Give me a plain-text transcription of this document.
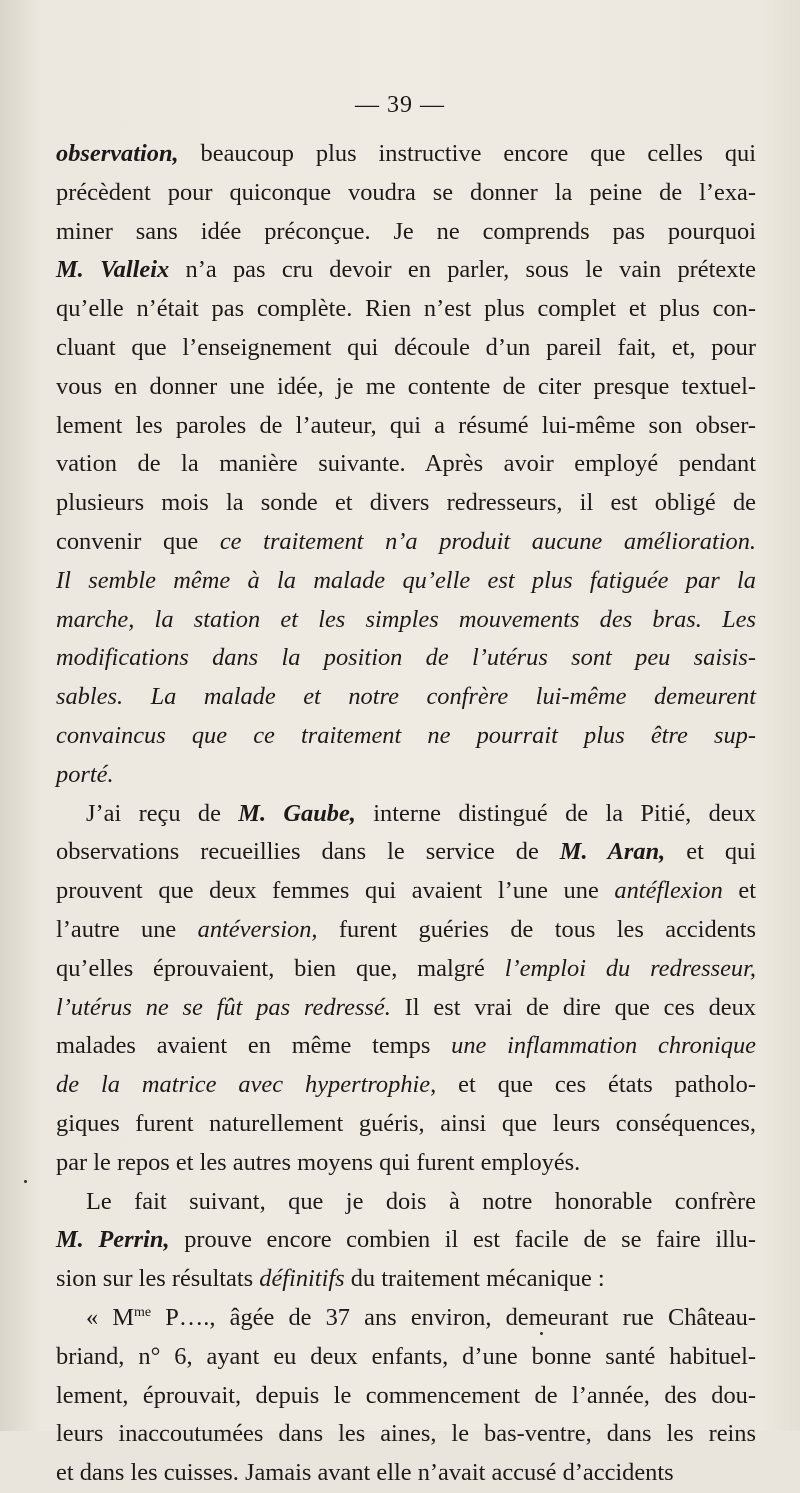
— 39 —
observation, beaucoup plus instructive encore que celles qui
précèdent pour quiconque voudra se donner la peine de l’exa-
miner sans idée préconçue. Je ne comprends pas pourquoi
M. Valleix n’a pas cru devoir en parler, sous le vain prétexte
qu’elle n’était pas complète. Rien n’est plus complet et plus con-
cluant que l’enseignement qui découle d’un pareil fait, et, pour
vous en donner une idée, je me contente de citer presque textuel-
lement les paroles de l’auteur, qui a résumé lui-même son obser-
vation de la manière suivante. Après avoir employé pendant
plusieurs mois la sonde et divers redresseurs, il est obligé de
convenir que ce traitement n’a produit aucune amélioration.
Il semble même à la malade qu’elle est plus fatiguée par la
marche, la station et les simples mouvements des bras. Les
modifications dans la position de l’utérus sont peu saisis-
sables. La malade et notre confrère lui-même demeurent
convaincus que ce traitement ne pourrait plus être sup-
porté.
J’ai reçu de M. Gaube, interne distingué de la Pitié, deux
observations recueillies dans le service de M. Aran, et qui
prouvent que deux femmes qui avaient l’une une antéflexion et
l’autre une antéversion, furent guéries de tous les accidents
qu’elles éprouvaient, bien que, malgré l’emploi du redresseur,
l’utérus ne se fût pas redressé. Il est vrai de dire que ces deux
malades avaient en même temps une inflammation chronique
de la matrice avec hypertrophie, et que ces états patholo-
giques furent naturellement guéris, ainsi que leurs conséquences,
par le repos et les autres moyens qui furent employés.
Le fait suivant, que je dois à notre honorable confrère
M. Perrin, prouve encore combien il est facile de se faire illu-
sion sur les résultats définitifs du traitement mécanique :
« $M^{me}$ P…., âgée de 37 ans environ, demeurant rue Château-
briand, n° 6, ayant eu deux enfants, d’une bonne santé habituel-
lement, éprouvait, depuis le commencement de l’année, des dou-
leurs inaccoutumées dans les aines, le bas-ventre, dans les reins
et dans les cuisses. Jamais avant elle n’avait accusé d’accidents
